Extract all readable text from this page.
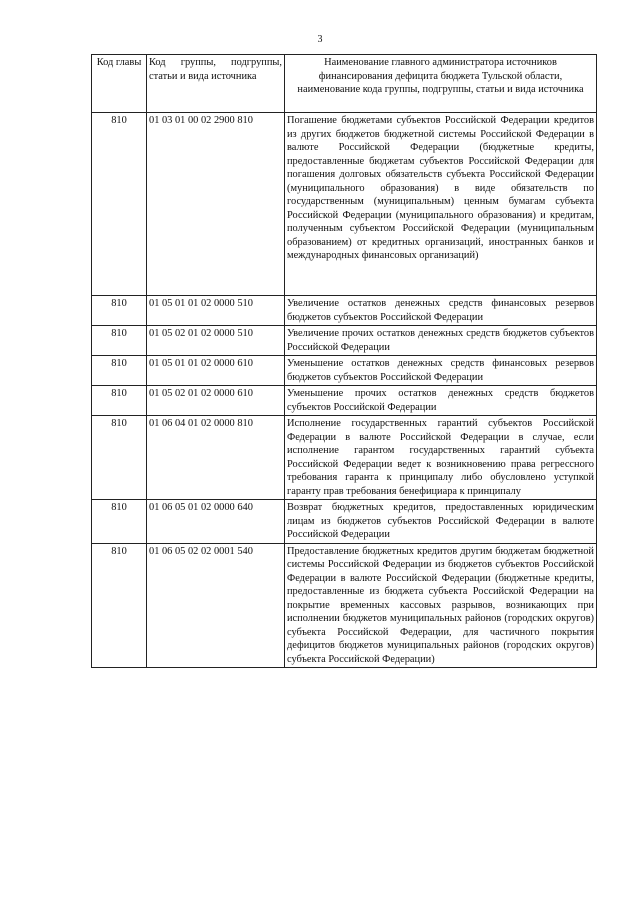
3
Код главы	Код группы, подгруппы, статьи и вида источника	Наименование главного администратора источников финансирования дефицита бюджета Тульской области, наименование кода группы, подгруппы, статьи и вида источника
810	01 03 01 00 02 2900 810	Погашение бюджетами субъектов Российской Федерации кредитов из других бюджетов бюджетной системы Российской Федерации в валюте Российской Федерации (бюджетные кредиты, предоставленные бюджетам субъектов Российской Федерации для погашения долговых обязательств субъекта Российской Федерации (муниципального образования) в виде обязательств по государственным (муниципальным) ценным бумагам субъекта Российской Федерации (муниципального образования) и кредитам, полученным субъектом Российской Федерации (муниципальным образованием) от кредитных организаций, иностранных банков и международных финансовых организаций)
810	01 05 01 01 02 0000 510	Увеличение остатков денежных средств финансовых резервов бюджетов субъектов Российской Федерации
810	01 05 02 01 02 0000 510	Увеличение прочих остатков денежных средств бюджетов субъектов Российской Федерации
810	01 05 01 01 02 0000 610	Уменьшение остатков денежных средств финансовых резервов бюджетов субъектов Российской Федерации
810	01 05 02 01 02 0000 610	Уменьшение прочих остатков денежных средств бюджетов субъектов Российской Федерации
810	01 06 04 01 02 0000 810	Исполнение государственных гарантий субъектов Российской Федерации в валюте Российской Федерации в случае, если исполнение гарантом государственных гарантий субъекта Российской Федерации ведет к возникновению права регрессного требования гаранта к принципалу либо обусловлено уступкой гаранту прав требования бенефициара к принципалу
810	01 06 05 01 02 0000 640	Возврат бюджетных кредитов, предоставленных юридическим лицам из бюджетов субъектов Российской Федерации в валюте Российской Федерации
810	01 06 05 02 02 0001 540	Предоставление бюджетных кредитов другим бюджетам бюджетной системы Российской Федерации из бюджетов субъектов Российской Федерации в валюте Российской Федерации (бюджетные кредиты, предоставленные из бюджета субъекта Российской Федерации на покрытие временных кассовых разрывов, возникающих при исполнении бюджетов муниципальных районов (городских округов) субъекта Российской Федерации, для частичного покрытия дефицитов бюджетов муниципальных районов (городских округов) субъекта Российской Федерации)
